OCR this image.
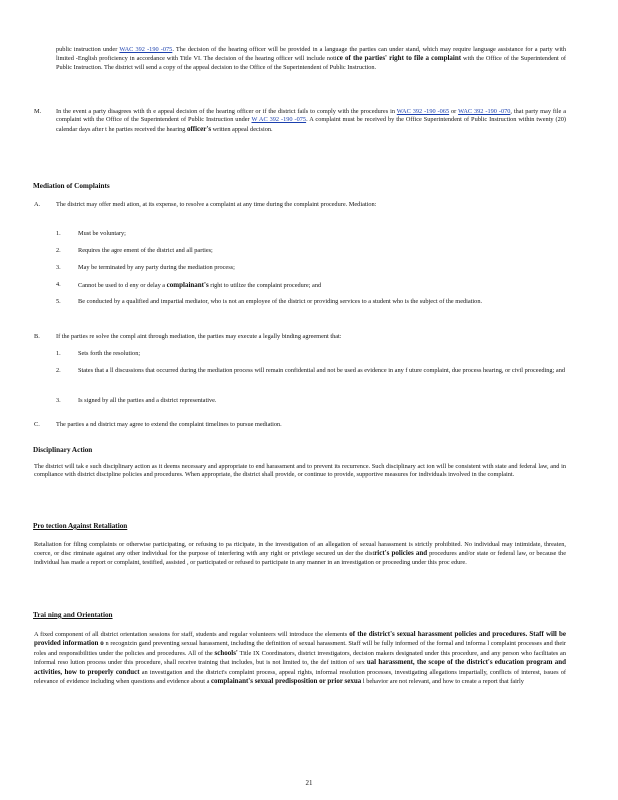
public instruction under WAC 392 -190 -075. The decision of the hearing officer will be provided in a language the parties can under stand, which may require language assistance for a party with limited -English proficiency in accordance with Title VI. The decision of the hearing officer will include notice of the parties' right to file a complaint with the Office of the Superintendent of Public Instruction. The district will send a copy of the appeal decision to the Office of the Superintendent of Public Instruction.
M. In the event a party disagrees with th e appeal decision of the hearing officer or if the district fails to comply with the procedures in WAC 392 -190 -065 or WAC 392 -190 -070, that party may file a complaint with the Office of the Superintendent of Public Instruction under W AC 392 -190 -075. A complaint must be received by the Office Superintendent of Public Instruction within twenty (20) calendar days after t he parties received the hearing officer's written appeal decision.
Mediation of Complaints
A.	The district may offer medi ation, at its expense, to resolve a complaint at any time during the complaint procedure. Mediation:
1.	Must be voluntary;
2.	Requires the agre ement of the district and all parties;
3.	May be terminated by any party during the mediation process;
4.	Cannot be used to d eny or delay a complainant's right to utilize the complaint procedure; and
5.	Be conducted by a qualified and impartial mediator, who is not an employee of the district or providing services to a student who is the subject of the mediation.
B.	If the parties re solve the compl aint through mediation, the parties may execute a legally binding agreement that:
1.	Sets forth the resolution;
2.	States that a ll discussions that occurred during the mediation process will remain confidential and not be used as evidence in any f uture complaint, due process hearing, or civil proceeding; and
3.	Is signed by all the parties and a district representative.
C.	The parties a nd district may agree to extend the complaint timelines to pursue mediation.
Disciplinary Action
The district will tak e such disciplinary action as it deems necessary and appropriate to end harassment and to prevent its recurrence. Such disciplinary act ion will be consistent with state and federal law, and in compliance with district discipline policies and procedures. When appropriate, the district shall provide, or continue to provide, supportive measures for individuals involved in the complaint.
Pro tection Against Retaliation
Retaliation for filing complaints or otherwise participating, or refusing to pa rticipate, in the investigation of an allegation of sexual harassment is strictly prohibited. No individual may intimidate, threaten, coerce, or disc riminate against any other individual for the purpose of interfering with any right or privilege secured un der the district's policies and procedures and/or state or federal law, or because the individual has made a report or complaint, testified, assisted , or participated or refused to participate in any manner in an investigation or proceeding under this proc edure.
Trai ning and Orientation
A fixed component of all district orientation sessions for staff, students and regular volunteers will introduce the elements of the district's sexual harassment policies and procedures. Staff will be provided information o n recognizin gand preventing sexual harassment, including the definition of sexual harassment. Staff will be fully informed of the formal and informa l complaint processes and their roles and responsibilities under the policies and procedures. All of the schools' Title IX Coordinators, district investigators, decision makers designated under this procedure, and any person who facilitates an informal reso lution process under this procedure, shall receive training that includes, but is not limited to, the def inition of sex ual harassment, the scope of the district's education program and activities, how to properly conduct an investigation and the district's complaint process, appeal rights, informal resolution processes, investigating allegations impartially, conflicts of interest, issues of relevance of evidence including when questions and evidence about a complainant's sexual predisposition or prior sexua l behavior are not relevant, and how to create a report that fairly
21
